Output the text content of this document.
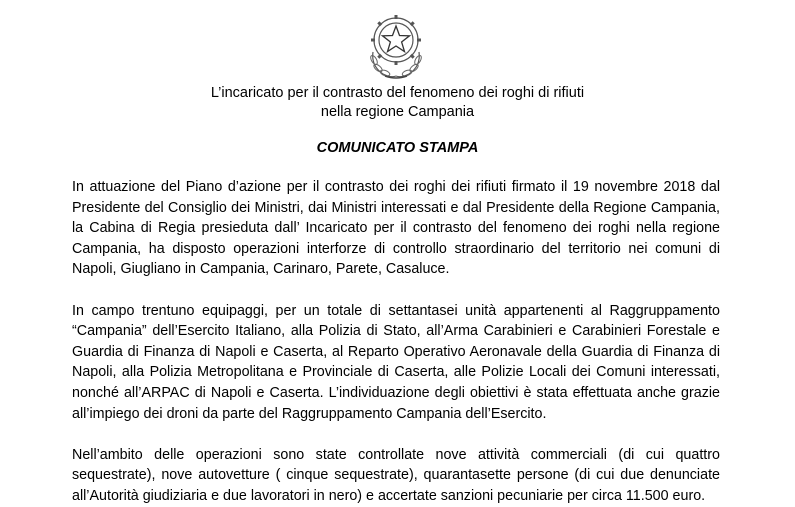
L’incaricato per il contrasto del fenomeno dei roghi di rifiuti
nella regione Campania
COMUNICATO STAMPA

In attuazione del Piano d’azione per il contrasto dei roghi dei rifiuti firmato il 19 novembre 2018 dal Presidente del Consiglio dei Ministri, dai Ministri interessati e dal Presidente della Regione Campania, la Cabina di Regia presieduta dall’ Incaricato per il contrasto del fenomeno dei roghi nella regione Campania, ha disposto operazioni interforze di controllo straordinario del territorio nei comuni di Napoli, Giugliano in Campania, Carinaro, Parete, Casaluce.

In campo trentuno equipaggi, per un totale di settantasei unità appartenenti al Raggruppamento “Campania” dell’Esercito Italiano, alla Polizia di Stato, all’Arma Carabinieri e Carabinieri Forestale e Guardia di Finanza di Napoli e Caserta, al Reparto Operativo Aeronavale della Guardia di Finanza di Napoli, alla Polizia Metropolitana e Provinciale di Caserta, alle Polizie Locali dei Comuni interessati, nonché all’ARPAC di Napoli e Caserta. L’individuazione degli obiettivi è stata effettuata anche grazie all’impiego dei droni da parte del Raggruppamento Campania dell’Esercito.

Nell’ambito delle operazioni sono state controllate nove attività commerciali (di cui quattro sequestrate), nove autovetture ( cinque sequestrate), quarantasette persone (di cui due denunciate all’Autorità giudiziaria e due lavoratori in nero) e accertate sanzioni pecuniarie per circa 11.500 euro.
